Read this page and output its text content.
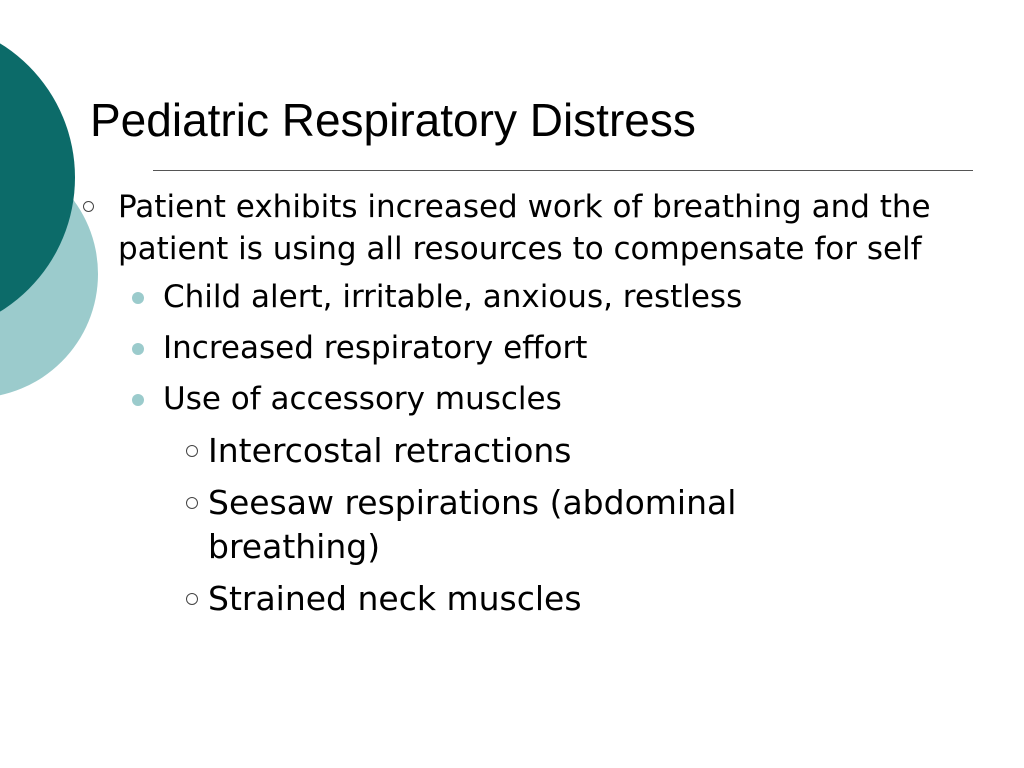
Pediatric Respiratory Distress
Patient exhibits increased work of breathing and the patient is using all resources to compensate for self
Child alert, irritable, anxious, restless
Increased respiratory effort
Use of accessory muscles
Intercostal retractions
Seesaw respirations (abdominal breathing)
Strained neck muscles
